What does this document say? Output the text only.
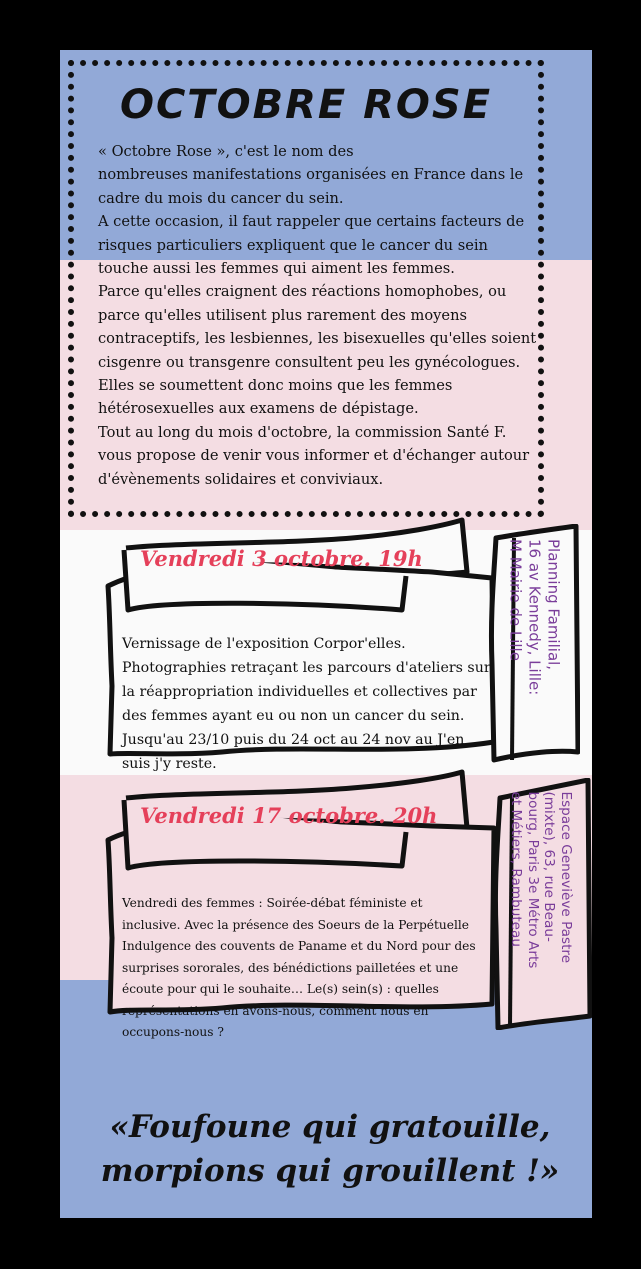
OCTOBRE ROSE

« Octobre Rose », c'est le nom des
nombreuses manifestations organisées en France dans le cadre du mois du cancer du sein.
A cette occasion, il faut rappeler que certains facteurs de risques particuliers expliquent que le cancer du sein touche aussi les femmes qui aiment les femmes.
Parce qu'elles craignent des réactions homophobes, ou parce qu'elles utilisent plus rarement des moyens contraceptifs, les lesbiennes, les bisexuelles qu'elles soient cisgenre ou transgenre consultent peu les gynécologues. Elles se soumettent donc moins que les femmes hétérosexuelles aux examens de dépistage.
Tout au long du mois d'octobre, la commission Santé F. vous propose de venir vous informer et d'échanger autour d'évènements solidaires et conviviaux.

Vendredi 3 octobre. 19h

Vernissage de l'exposition Corpor'elles. Photographies retraçant les parcours d'ateliers sur la réappropriation individuelles et collectives par des femmes ayant eu ou non un cancer du sein. Jusqu'au 23/10 puis du 24 oct au 24 nov au J'en suis j'y reste.

Planning Familial,
16 av Kennedy, Lille:
M Mairie de Lille

Vendredi 17 octobre. 20h

Vendredi des femmes : Soirée-débat féministe et inclusive. Avec la présence des Soeurs de la Perpétuelle Indulgence des couvents de Paname et du Nord pour des surprises sororales, des bénédictions pailletées et une écoute pour qui le souhaite… Le(s) sein(s) : quelles représentations en avons-nous, comment nous en occupons-nous ?

Espace Geneviève Pastre
(mixte), 63, rue Beau-
bourg, Paris 3e Métro Arts
et Métiers, Rambuteau

«Foufoune qui gratouille,
morpions qui grouillent !»
